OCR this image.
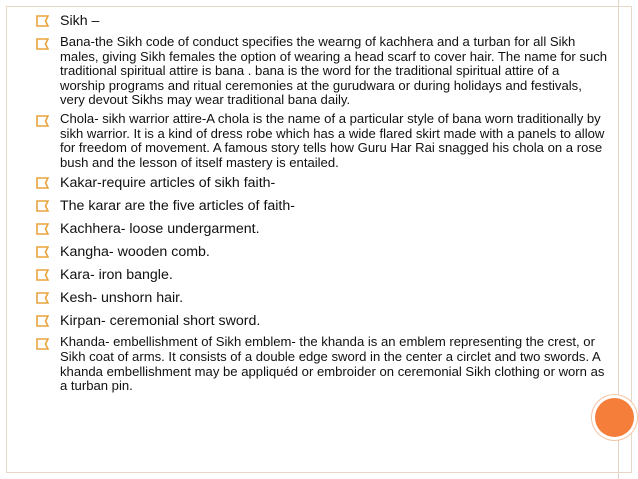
Sikh –
Bana-the Sikh code of conduct specifies the wearng of kachhera and a turban for all Sikh males, giving Sikh females the option of wearing a head scarf to cover hair. The name for such traditional spiritual attire is bana . bana is the word for the traditional spiritual attire of a worship programs and ritual ceremonies at the gurudwara or during holidays and festivals, very devout Sikhs may wear traditional bana daily.
Chola- sikh warrior attire-A chola is the name of a particular style of bana worn traditionally by sikh warrior. It is a kind of dress robe which has a wide flared skirt made with a panels to allow for freedom of movement. A famous story tells how Guru Har Rai snagged his chola on a rose bush and the lesson of itself mastery is entailed.
Kakar-require articles of sikh faith-
The karar are the five articles of faith-
Kachhera- loose undergarment.
Kangha- wooden comb.
Kara- iron bangle.
Kesh- unshorn hair.
Kirpan- ceremonial short sword.
Khanda- embellishment of Sikh emblem- the khanda is an emblem representing the crest, or Sikh coat of arms. It consists of a double edge sword in the center a circlet and two swords. A khanda embellishment may be appliquéd or embroider on ceremonial Sikh clothing or worn as a turban pin.
